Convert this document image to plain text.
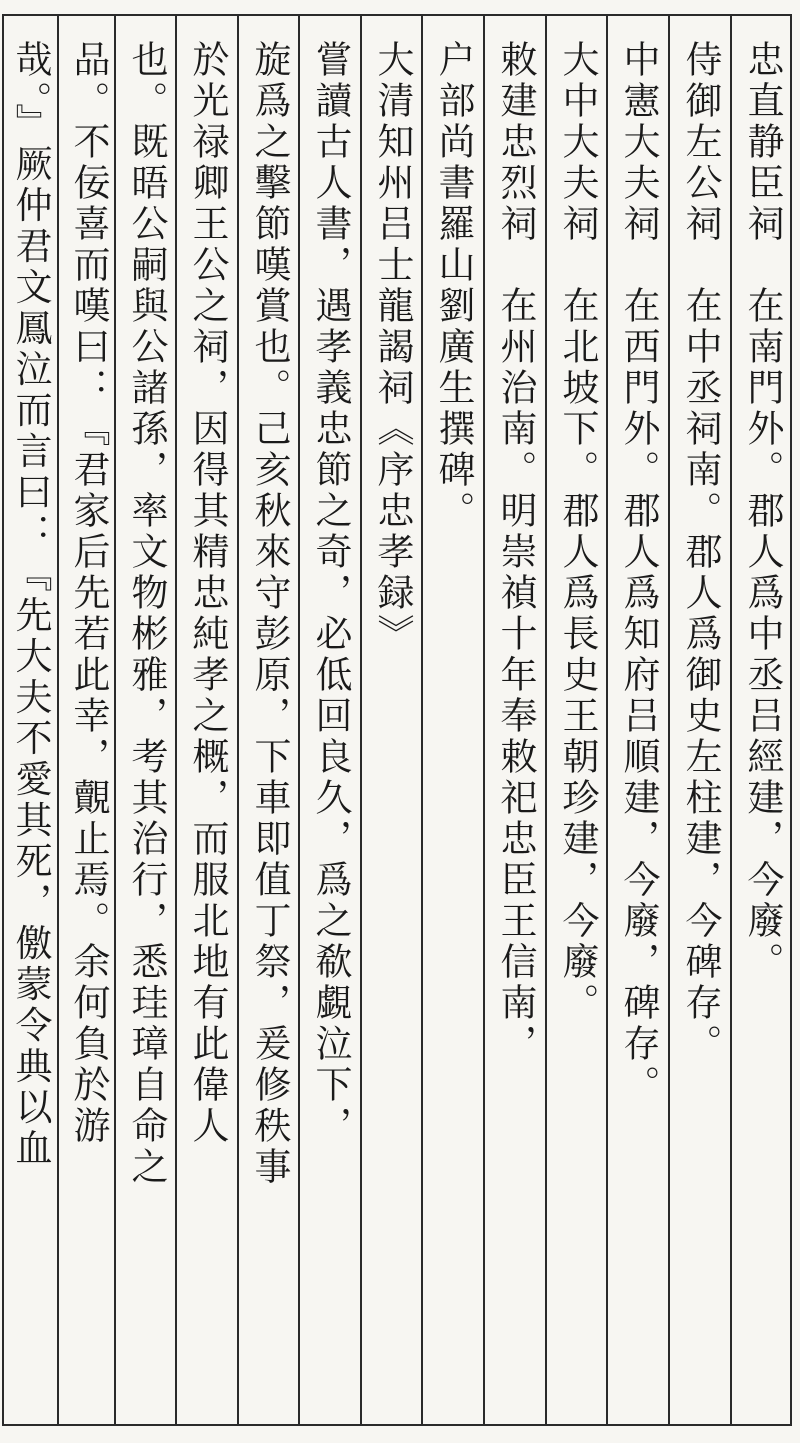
忠直静臣祠　在南門外。郡人爲中丞吕經建，今廢。
侍御左公祠　在中丞祠南。郡人爲御史左柱建，今碑存。
中憲大夫祠　在西門外。郡人爲知府吕順建，今廢，碑存。
大中大夫祠　在北坡下。郡人爲長史王朝珍建，今廢。
敕建忠烈祠　在州治南。明崇禎十年奉敕祀忠臣王信南，
户部尚書羅山劉廣生撰碑。
大清知州吕士龍謁祠《序忠孝録》
嘗讀古人書，遇孝義忠節之奇，必低回良久，爲之欷覷泣下，
旋爲之擊節嘆賞也。己亥秋來守彭原，下車即值丁祭，爰修秩事
於光禄卿王公之祠，因得其精忠純孝之概，而服北地有此偉人
也。既晤公嗣與公諸孫，率文物彬雅，考其治行，悉珪璋自命之
品。不佞喜而嘆曰：『君家后先若此幸，覿止焉。余何負於游
哉。』厥仲君文鳳泣而言曰：『先大夫不愛其死，儌蒙令典以血
